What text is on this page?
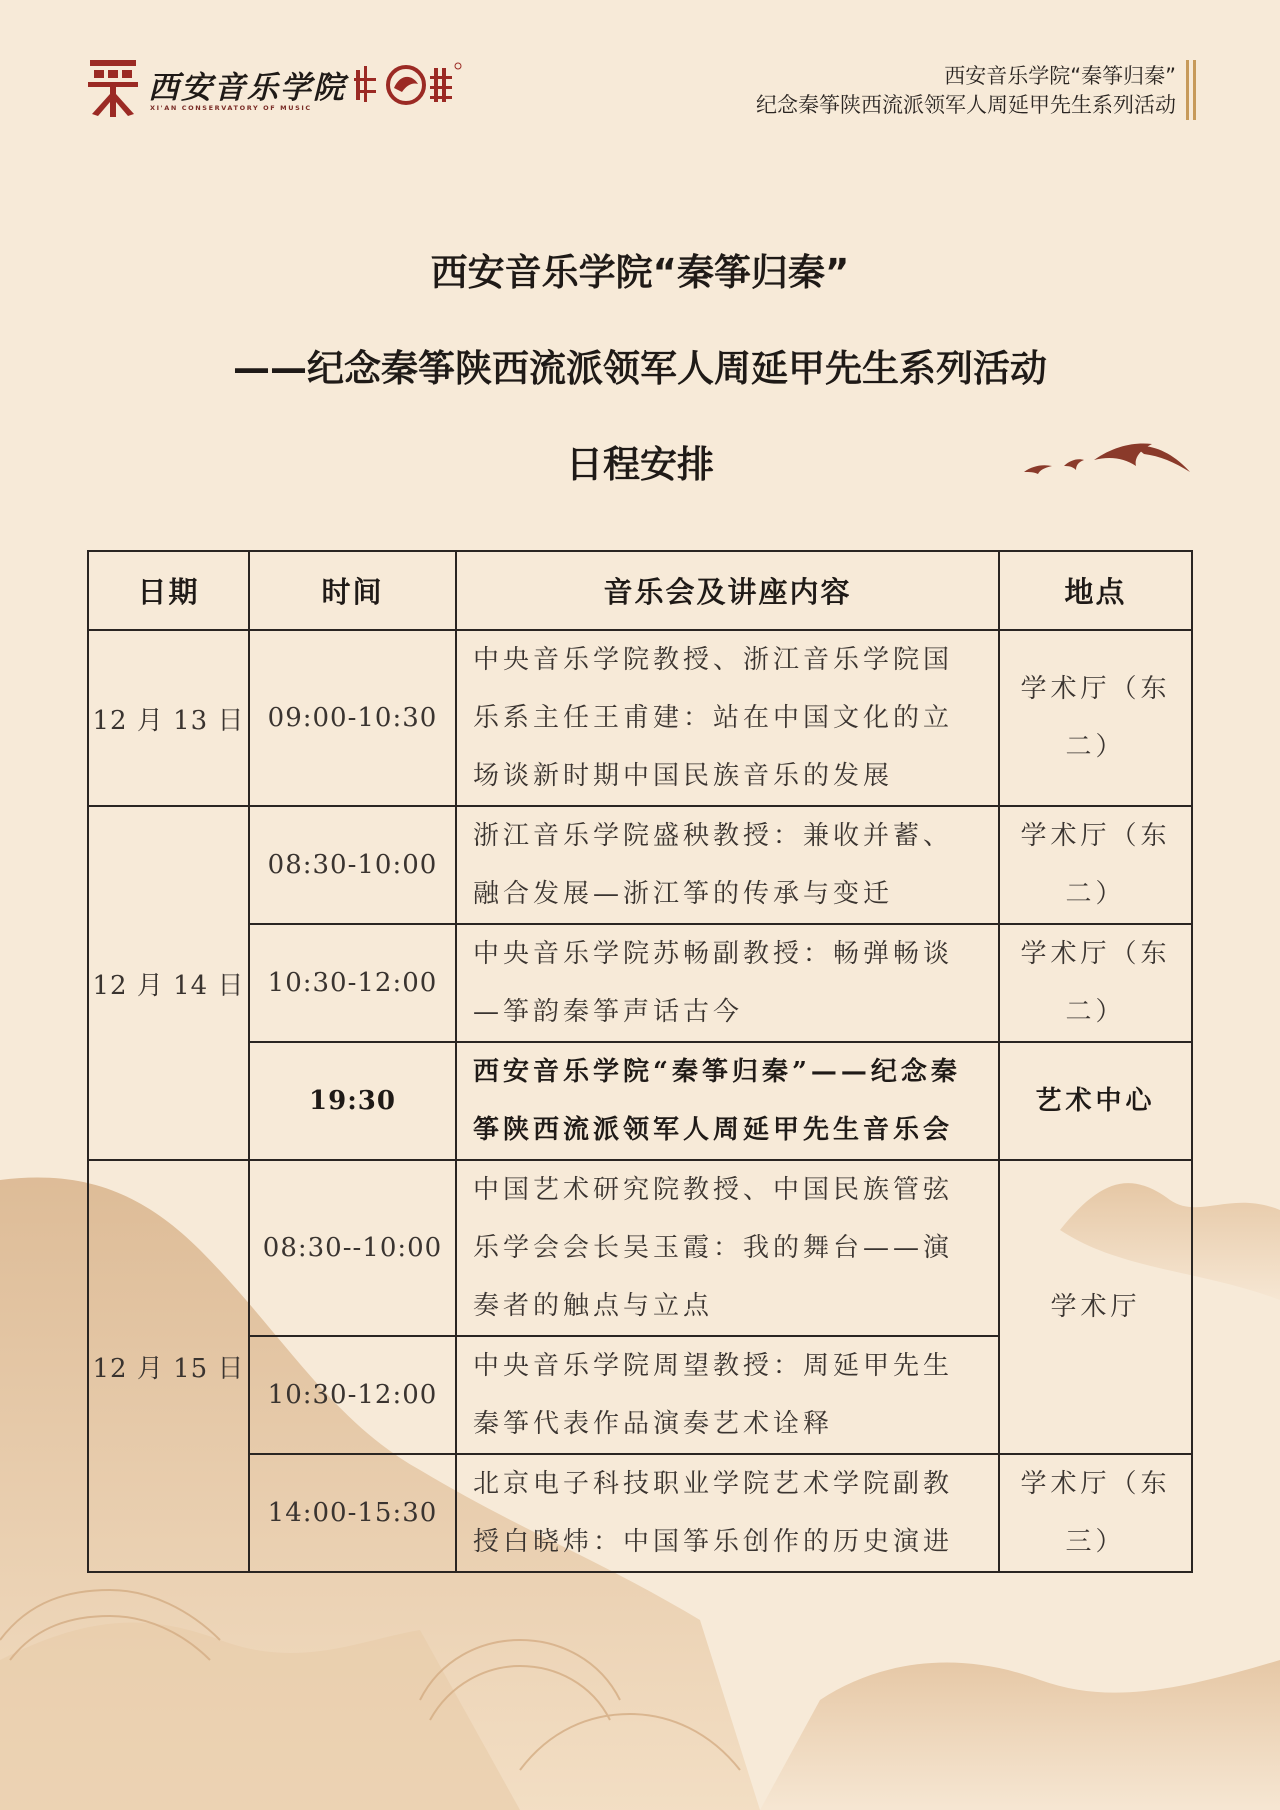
西安音乐学院
XI'AN CONSERVATORY OF MUSIC
西安音乐学院“秦筝归秦”
纪念秦筝陕西流派领军人周延甲先生系列活动
西安音乐学院“秦筝归秦”
——纪念秦筝陕西流派领军人周延甲先生系列活动
日程安排
日期	时间	音乐会及讲座内容	地点
12 月 13 日	09:00-10:30	中央音乐学院教授、浙江音乐学院国乐系主任王甫建：站在中国文化的立场谈新时期中国民族音乐的发展	学术厅（东二）
12 月 14 日	08:30-10:00	浙江音乐学院盛秧教授：兼收并蓄、融合发展—浙江筝的传承与变迁	学术厅（东二）
	10:30-12:00	中央音乐学院苏畅副教授：畅弹畅谈—筝韵秦筝声话古今	学术厅（东二）
	19:30	西安音乐学院“秦筝归秦”——纪念秦筝陕西流派领军人周延甲先生音乐会	艺术中心
12 月 15 日	08:30--10:00	中国艺术研究院教授、中国民族管弦乐学会会长吴玉霞：我的舞台——演奏者的触点与立点	学术厅
	10:30-12:00	中央音乐学院周望教授：周延甲先生秦筝代表作品演奏艺术诠释	
	14:00-15:30	北京电子科技职业学院艺术学院副教授白晓炜：中国筝乐创作的历史演进	学术厅（东三）
